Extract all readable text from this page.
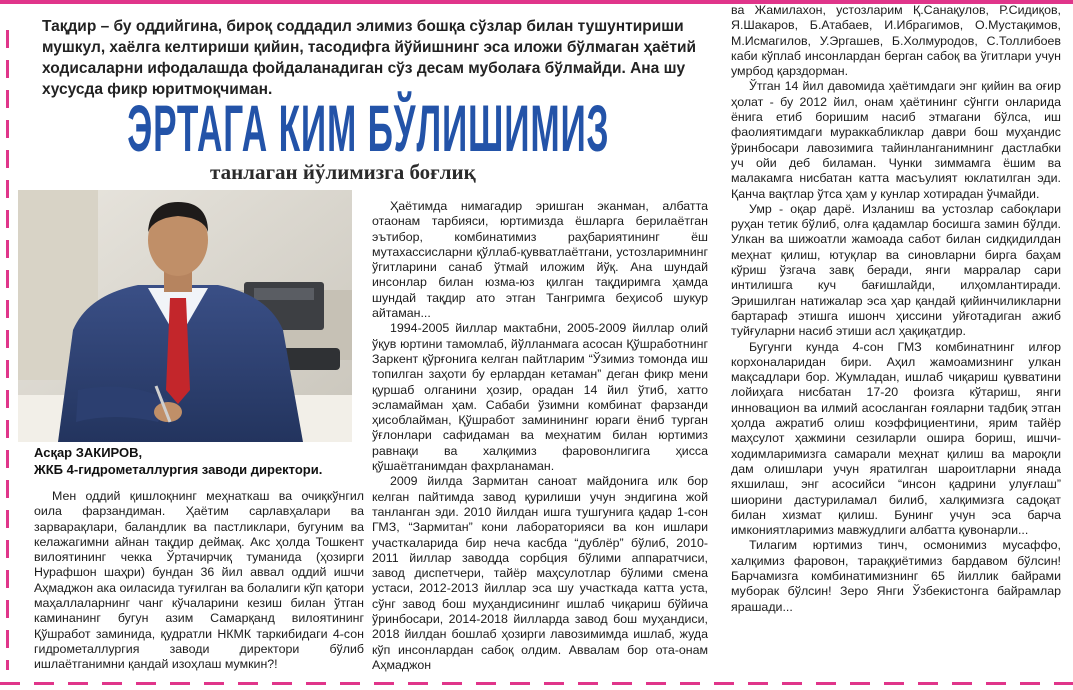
Тақдир – бу оддийгина, бироқ соддадил элимиз бошқа сўзлар билан тушунтириши мушкул, хаёлга келтириши қийин, тасодифга йўйишнинг эса иложи бўлмаган ҳаётий ходисаларни ифодалашда фойдаланадиган сўз десам муболаға бўлмайди. Ана шу хусусда фикр юритмоқчиман.
ЭРТАГА КИМ БЎЛИШИМИЗ
танлаган йўлимизга боғлиқ
Асқар ЗАКИРОВ,
ЖКБ 4-гидрометаллургия заводи директори.

Мен оддий қишлоқнинг меҳнаткаш ва очиқкўнгил оила фарзандиман. Ҳаётим сарлавҳалари ва зарварақлари, баландлик ва пастликлари, бугуним ва келажагимни айнан тақдир деймақ. Акс ҳолда Тошкент вилоятининг чекка Ўртачирчиқ туманида (ҳозирги Нурафшон шаҳри) бундан 36 йил аввал оддий ишчи Аҳмаджон ака оиласида туғилган ва болалиги кўп қатори маҳаллаларнинг чанг кўчаларини кезиш билан ўтган каминанинг бугун азим Самарқанд вилоятининг Қўшработ заминида, қудратли НКМК таркибидаги 4-сон гидрометаллургия заводи директори бўлиб ишлаётганимни қандай изоҳлаш мумкин?!

Ҳаётимда нимагадир эришган эканман, албатта отаонам тарбияси, юртимизда ёшларга берилаётган эътибор, комбинатимиз раҳбариятининг ёш мутахассисларни қўллаб-қувватлаётгани, устозларимнинг ўгитларини санаб ўтмай иложим йўқ. Ана шундай инсонлар билан юзма-юз қилган тақдиримга ҳамда шундай тақдир ато этган Тангримга беҳисоб шукур айтаман...

1994-2005 йиллар мактабни, 2005-2009 йиллар олий ўқув юртини тамомлаб, йўлланмага асосан Қўшработнинг Заркент қўрғонига келган пайтларим “Ўзимиз томонда иш топилган заҳоти бу ерлардан кетаман” деган фикр мени қуршаб олганини ҳозир, орадан 14 йил ўтиб, хатто эсламайман ҳам. Сабаби ўзимни комбинат фарзанди ҳисоблайман, Қўшработ заминининг юраги ёниб турган ўғлонлари сафидаман ва меҳнатим билан юртимиз равнақи ва халқимиз фаровонлигига ҳисса қўшаётганимдан фахрланаман.

2009 йилда Зармитан саноат майдонига илк бор келган пайтимда завод қурилиши учун эндигина жой танланган эди. 2010 йилдан ишга тушгунига қадар 1-сон ГМЗ, “Зармитан” кони лабораторияси ва кон ишлари участкаларида бир неча касбда “дублёр” бўлиб, 2010-2011 йиллар заводда сорбция бўлими аппаратчиси, завод диспетчери, тайёр маҳсулотлар бўлими смена устаси, 2012-2013 йиллар эса шу участкада катта уста, сўнг завод бош муҳандисининг ишлаб чиқариш бўйича ўринбосари, 2014-2018 йилларда завод бош муҳандиси, 2018 йилдан бошлаб ҳозирги лавозимимда ишлаб, жуда кўп инсонлардан сабоқ олдим. Аввалам бор ота-онам Аҳмаджон

ва Жамилахон, устозларим Қ.Санақулов, Р.Сидиқов, Я.Шакаров, Б.Атабаев, И.Ибрагимов, О.Мустақимов, М.Исмагилов, У.Эргашев, Б.Холмуродов, С.Толлибоев каби кўплаб инсонлардан берган сабоқ ва ўгитлари учун умрбод қарздорман.

Ўтган 14 йил давомида ҳаётимдаги энг қийин ва оғир ҳолат - бу 2012 йил, онам ҳаётининг сўнгги онларида ёнига етиб боришим насиб этмагани бўлса, иш фаолиятимдаги мураккабликлар даври бош муҳандис ўринбосари лавозимига тайинланганимнинг дастлабки уч ойи деб биламан. Чунки зиммамга ёшим ва малакамга нисбатан катта масъулият юклатилган эди. Қанча вақтлар ўтса ҳам у кунлар хотирадан ўчмайди.

Умр - оқар дарё. Изланиш ва устозлар сабоқлари руҳан тетик бўлиб, олға қадамлар босишга замин бўлди. Улкан ва шижоатли жамоада сабот билан сидқидилдан меҳнат қилиш, ютуқлар ва синовларни бирга баҳам кўриш ўзгача завқ беради, янги марралар сари интилишга куч бағишлайди, илҳомлантиради. Эришилган натижалар эса ҳар қандай қийинчиликларни бартараф этишга ишонч ҳиссини уйғотадиган ажиб туйғуларни насиб этиши асл ҳақиқатдир.

Бугунги кунда 4-сон ГМЗ комбинатнинг илғор корхоналаридан бири. Аҳил жамоамизнинг улкан мақсадлари бор. Жумладан, ишлаб чиқариш қувватини лойиҳага нисбатан 17-20 фоизга кўтариш, янги инновацион ва илмий асосланган ғояларни тадбиқ этган ҳолда ажратиб олиш коэффициентини, ярим тайёр маҳсулот ҳажмини сезиларли ошира бориш, ишчи-ходимларимизга самарали меҳнат қилиш ва мароқли дам олишлари учун яратилган шароитларни янада яхшилаш, энг асосийси “инсон қадрини улуғлаш” шиорини дастуриламал билиб, халқимизга садоқат билан хизмат қилиш. Бунинг учун эса барча имкониятларимиз мавжудлиги албатта қувонарли...

Тилагим юртимиз тинч, осмонимиз мусаффо, халқимиз фаровон, тараққиётимиз бардавом бўлсин! Барчамизга комбинатимизнинг 65 йиллик байрами муборак бўлсин! Зеро Янги Ўзбекистонга байрамлар ярашади...
